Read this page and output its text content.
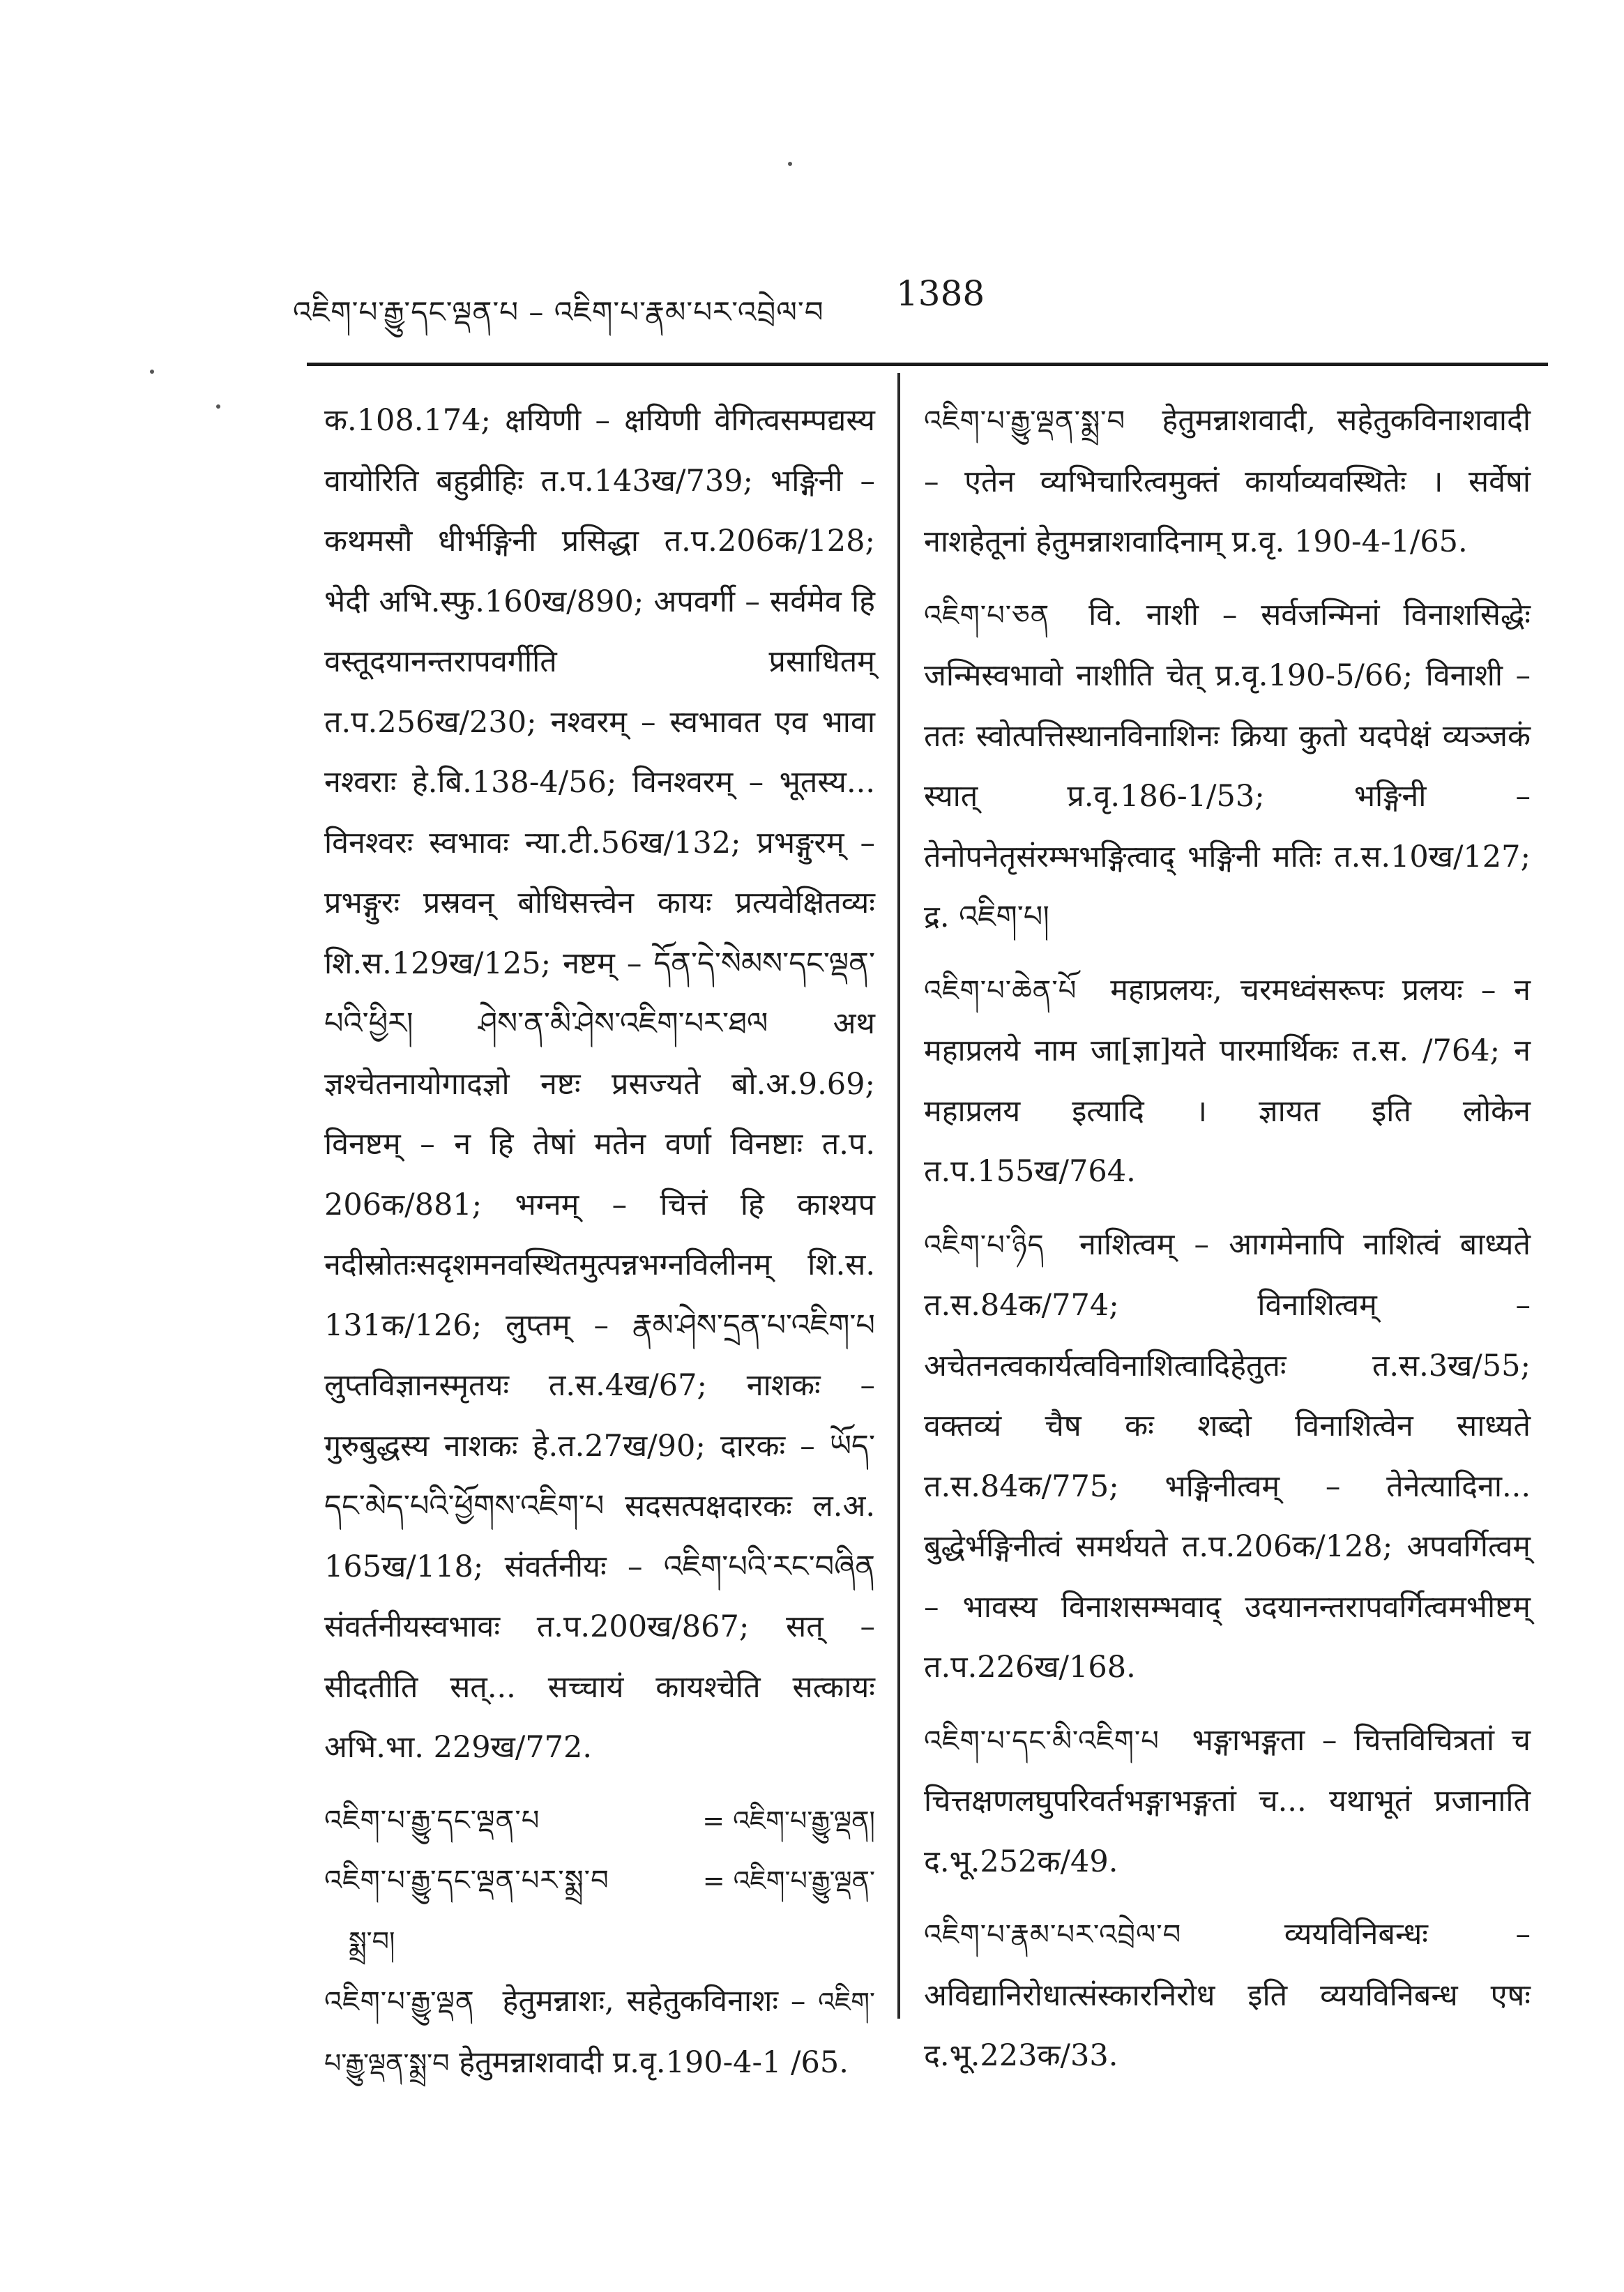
འཇིག་པ་རྒྱུ་དང་ལྡན་པ – འཇིག་པ་རྣམ་པར་འབྲེལ་བ 1388

क.108.174; क्षयिणी – क्षयिणी वेगित्वसम्पद्यस्य वायोरिति बहुव्रीहिः त.प.143ख/739; भङ्गिनी – कथमसौ धीर्भङ्गिनी प्रसिद्धा त.प.206क/128; भेदी अभि.स्फु.160ख/890; अपवर्गी – सर्वमेव हि वस्तूदयानन्तरापवर्गीति प्रसाधितम् त.प.256ख/230; नश्वरम् – स्वभावत एव भावा नश्वराः हे.बि.138-4/56; विनश्वरम् – भूतस्य... विनश्वरः स्वभावः न्या.टी.56ख/132; प्रभङ्गुरम् – प्रभङ्गुरः प्रस्रवन् बोधिसत्त्वेन कायः प्रत्यवेक्षितव्यः शि.स.129ख/125; नष्टम् – དོན་དེ་སེམས་དང་ལྡན་པའི་ཕྱིར། ཤེས་ན་མི་ཤེས་འཇིག་པར་ཐལ अथ ज्ञश्चेतनायोगादज्ञो नष्टः प्रसज्यते बो.अ.9.69; विनष्टम् – न हि तेषां मतेन वर्णा विनष्टाः त.प. 206क/881; भग्नम् – चित्तं हि काश्यप नदीस्रोतःसदृशमनवस्थितमुत्पन्नभग्नविलीनम् शि.स. 131क/126; लुप्तम् – རྣམ་ཤེས་དྲན་པ་འཇིག་པ लुप्तविज्ञानस्मृतयः त.स.4ख/67; नाशकः – गुरुबुद्धस्य नाशकः हे.त.27ख/90; दारकः – ཡོད་དང་མེད་པའི་ཕྱོགས་འཇིག་པ सदसत्पक्षदारकः ल.अ. 165ख/118; संवर्तनीयः – འཇིག་པའི་རང་བཞིན संवर्तनीयस्वभावः त.प.200ख/867; सत् – सीदतीति सत्... सच्चायं कायश्चेति सत्कायः अभि.भा. 229ख/772.

འཇིག་པ་རྒྱུ་དང་ལྡན་པ	= འཇིག་པ་རྒྱུ་ལྡན།
འཇིག་པ་རྒྱུ་དང་ལྡན་པར་སྨྲ་བ	= འཇིག་པ་རྒྱུ་ལྡན་
སྨྲ་བ།

འཇིག་པ་རྒྱུ་ལྡན हेतुमन्नाशः, सहेतुकविनाशः – འཇིག་པ་རྒྱུ་ལྡན་སྨྲ་བ हेतुमन्नाशवादी प्र.वृ.190-4-1 /65.

འཇིག་པ་རྒྱུ་ལྡན་སྨྲ་བ हेतुमन्नाशवादी, सहेतुकविनाशवादी – एतेन व्यभिचारित्वमुक्तं कार्याव्यवस्थितेः । सर्वेषां नाशहेतूनां हेतुमन्नाशवादिनाम् प्र.वृ. 190-4-1/65.

འཇིག་པ་ཅན वि. नाशी – सर्वजन्मिनां विनाशसिद्धेः जन्मिस्वभावो नाशीति चेत् प्र.वृ.190-5/66; विनाशी – ततः स्वोत्पत्तिस्थानविनाशिनः क्रिया कुतो यदपेक्षं व्यञ्जकं स्यात् प्र.वृ.186-1/53; भङ्गिनी – तेनोपनेतृसंरम्भभङ्गित्वाद् भङ्गिनी मतिः त.स.10ख/127; द्र. འཇིག་པ།

འཇིག་པ་ཆེན་པོ महाप्रलयः, चरमध्वंसरूपः प्रलयः – न महाप्रलये नाम जा[ज्ञा]यते पारमार्थिकः त.स. /764; न महाप्रलय इत्यादि । ज्ञायत इति लोकेन त.प.155ख/764.

འཇིག་པ་ཉིད नाशित्वम् – आगमेनापि नाशित्वं बाध्यते त.स.84क/774; विनाशित्वम् – अचेतनत्वकार्यत्वविनाशित्वादिहेतुतः त.स.3ख/55; वक्तव्यं चैष कः शब्दो विनाशित्वेन साध्यते त.स.84क/775; भङ्गिनीत्वम् – तेनेत्यादिना... बुद्धेर्भङ्गिनीत्वं समर्थयते त.प.206क/128; अपवर्गित्वम् – भावस्य विनाशसम्भवाद् उदयानन्तरापवर्गित्वमभीष्टम् त.प.226ख/168.

འཇིག་པ་དང་མི་འཇིག་པ भङ्गाभङ्गता – चित्तविचित्रतां च चित्तक्षणलघुपरिवर्तभङ्गाभङ्गतां च... यथाभूतं प्रजानाति द.भू.252क/49.

འཇིག་པ་རྣམ་པར་འབྲེལ་བ	व्ययविनिबन्धः – अविद्यानिरोधात्संस्कारनिरोध इति व्ययविनिबन्ध एषः द.भू.223क/33.
